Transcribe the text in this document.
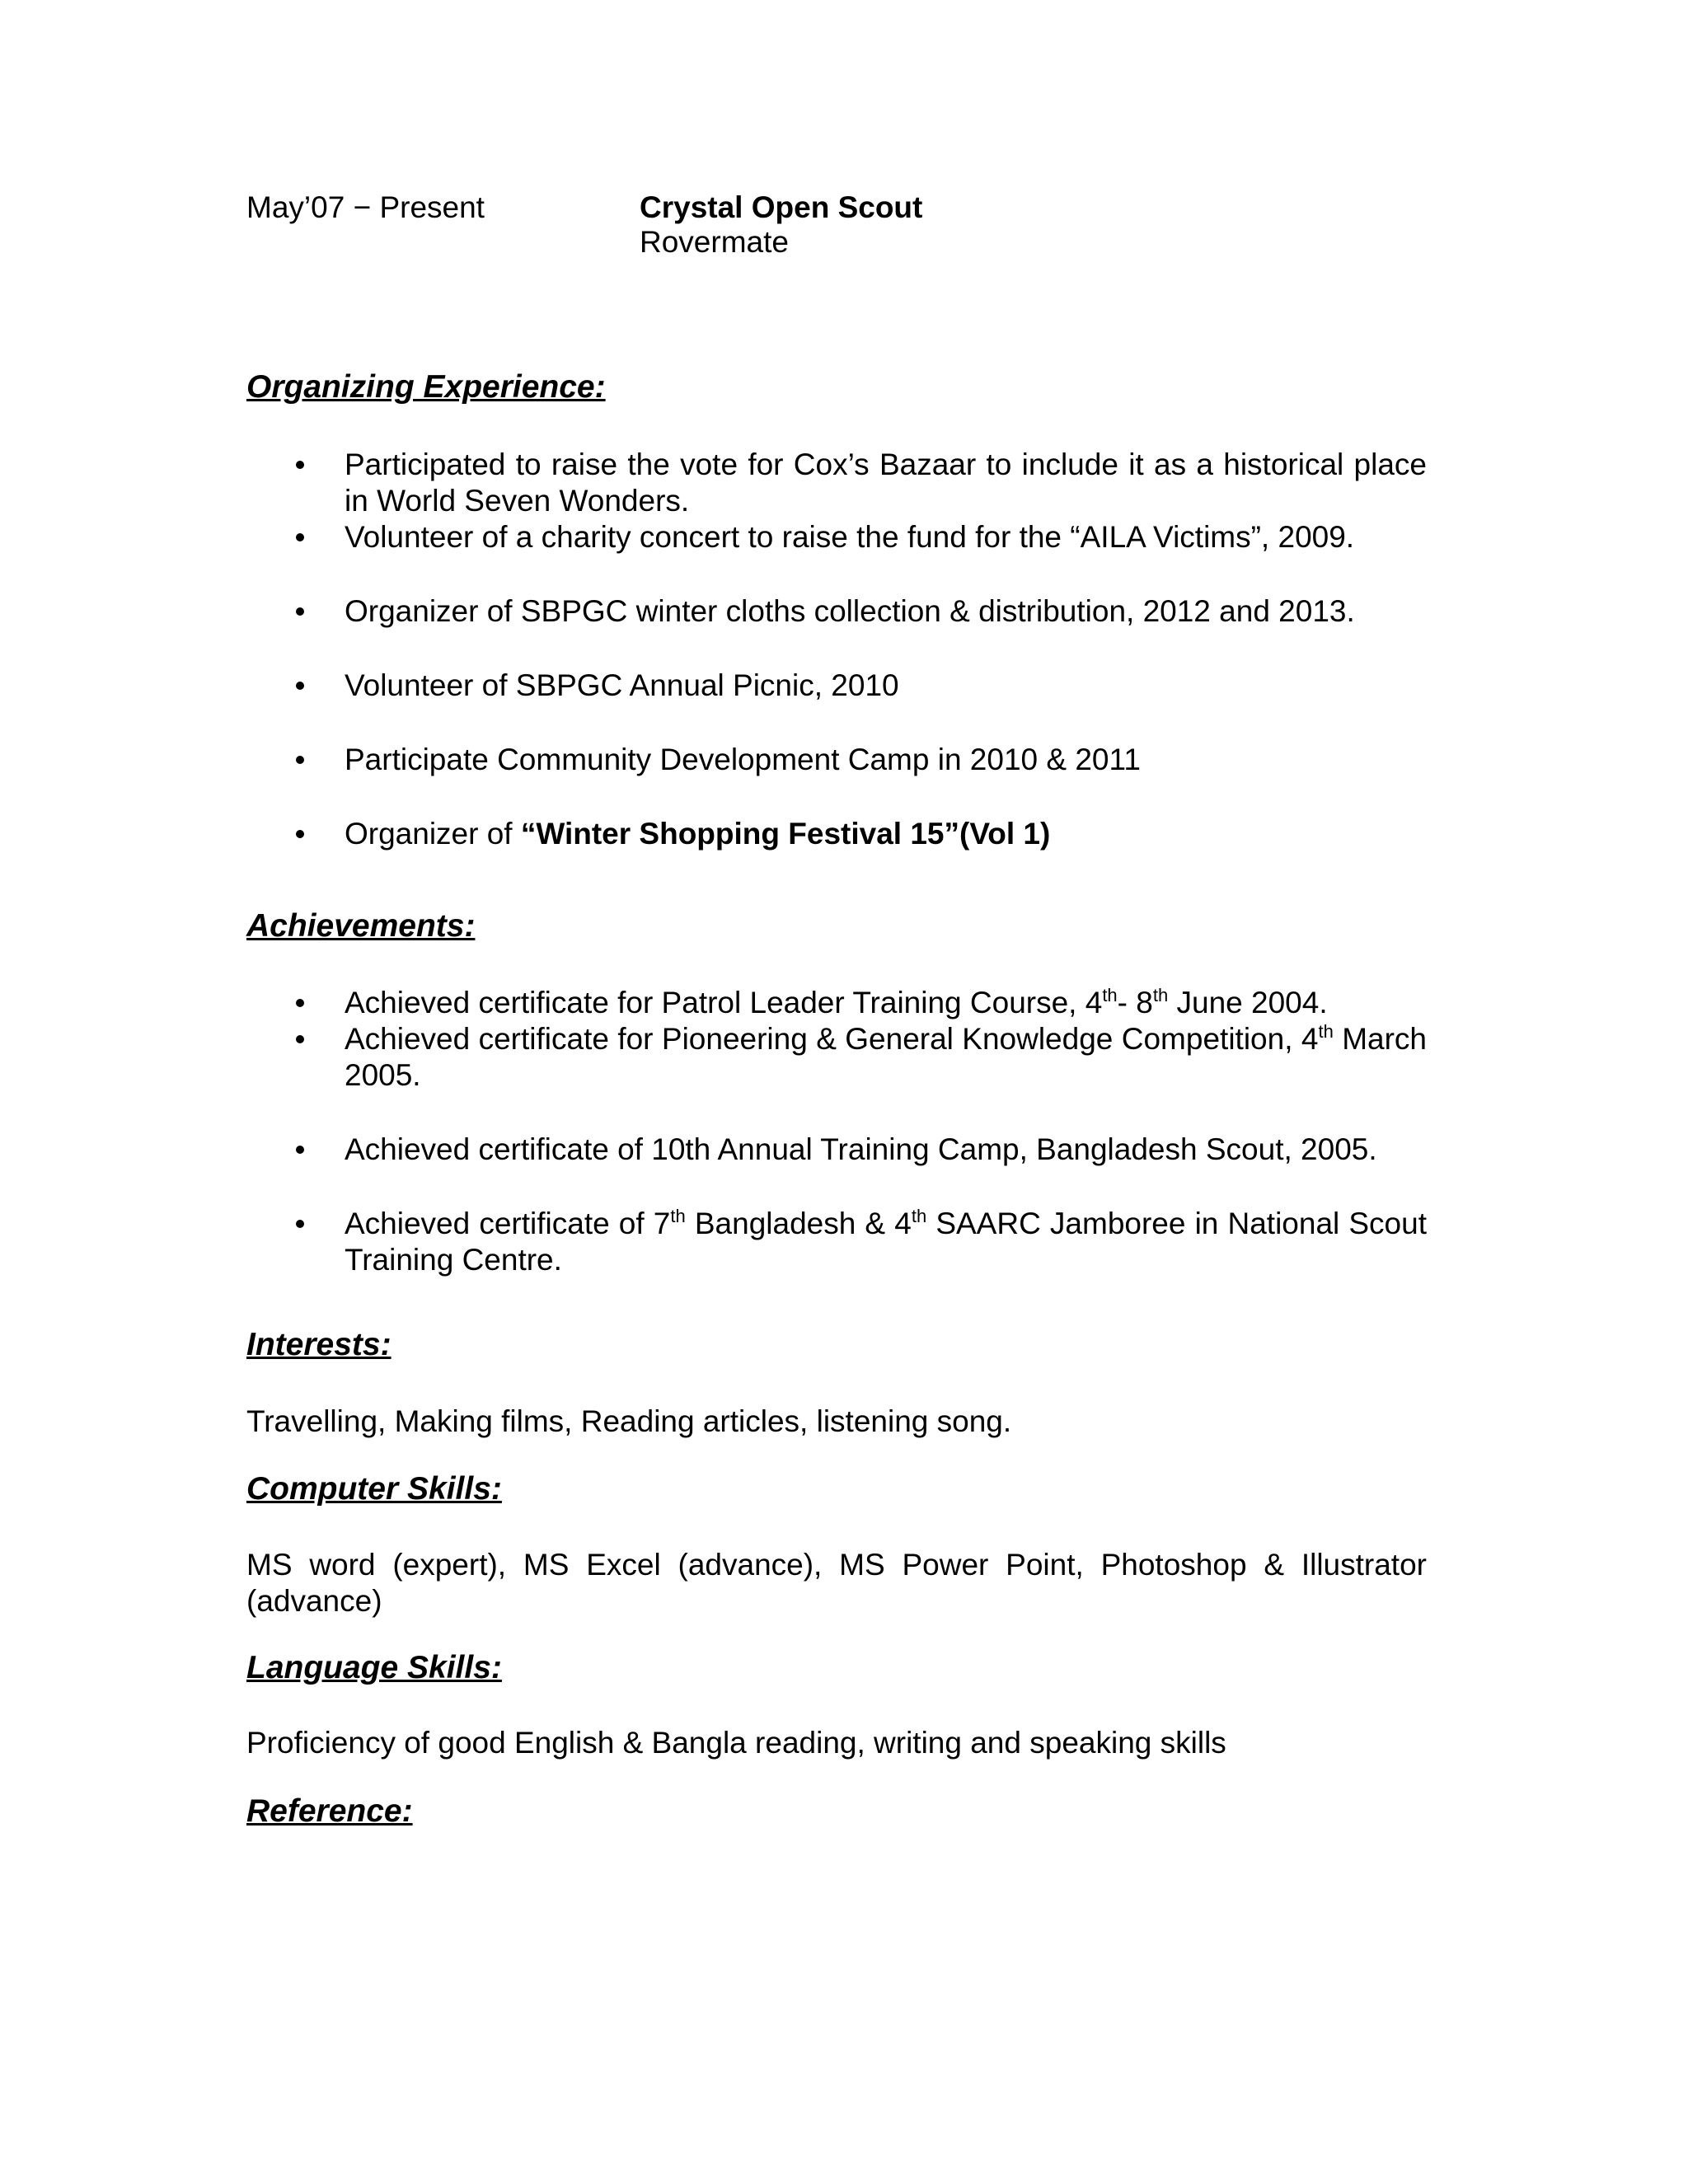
May’07 − Present	Crystal Open Scout
Rovermate
Organizing Experience:
Participated to raise the vote for Cox’s Bazaar to include it as a historical place in World Seven Wonders.
Volunteer of a charity concert to raise the fund for the “AILA Victims”, 2009.
Organizer of SBPGC winter cloths collection & distribution, 2012 and 2013.
Volunteer of SBPGC Annual Picnic, 2010
Participate Community Development Camp in 2010 & 2011
Organizer of “Winter Shopping Festival 15”(Vol 1)
Achievements:
Achieved certificate for Patrol Leader Training Course, 4th- 8th June 2004.
Achieved certificate for Pioneering & General Knowledge Competition, 4th March 2005.
Achieved certificate of 10th Annual Training Camp, Bangladesh Scout, 2005.
Achieved certificate of 7th Bangladesh & 4th SAARC Jamboree in National Scout Training Centre.
Interests:

Travelling, Making films, Reading articles, listening song.

Computer Skills:

MS word (expert), MS Excel (advance), MS Power Point, Photoshop & Illustrator (advance)

Language Skills:

Proficiency of good English & Bangla reading, writing and speaking skills

Reference:
